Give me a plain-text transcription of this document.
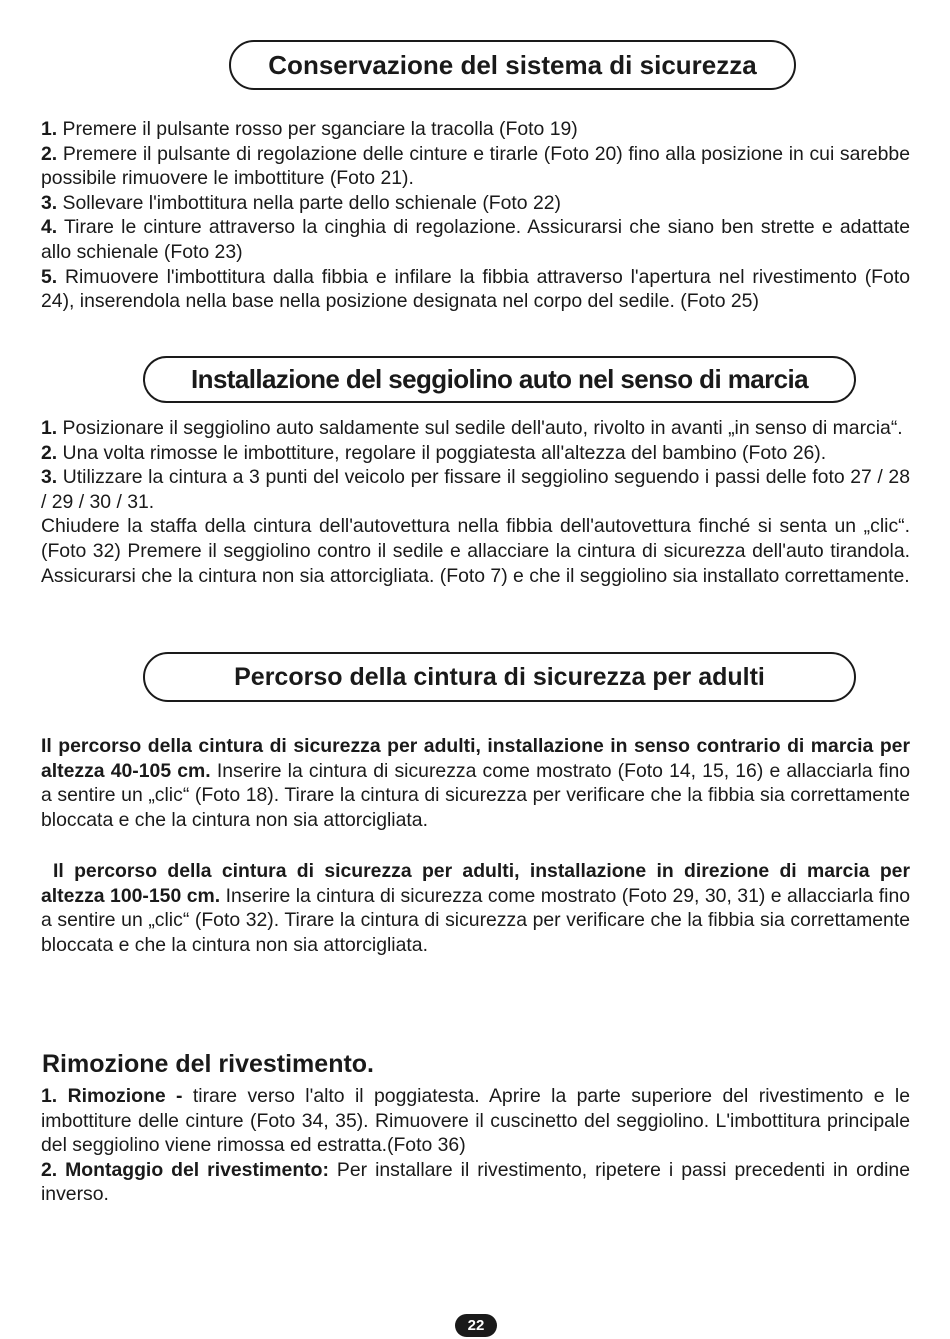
Conservazione del sistema di sicurezza

1. Premere il pulsante rosso per sganciare la tracolla (Foto 19)

2. Premere il pulsante di regolazione delle cinture e tirarle (Foto 20) fino alla posizione in cui sarebbe possibile rimuovere le imbottiture (Foto 21).

3. Sollevare l'imbottitura nella parte dello schienale (Foto 22)

4. Tirare le cinture attraverso la cinghia di regolazione. Assicurarsi che siano ben strette e adattate allo schienale (Foto 23)

5. Rimuovere l'imbottitura dalla fibbia e infilare la fibbia attraverso l'apertura nel rivestimento (Foto 24), inserendola nella base nella posizione designata nel corpo del sedile. (Foto 25)

Installazione del seggiolino auto nel senso di marcia

1. Posizionare il seggiolino auto saldamente sul sedile dell'auto, rivolto in avanti „in senso di marcia“.

2. Una volta rimosse le imbottiture, regolare il poggiatesta all'altezza del bambino (Foto 26).

3. Utilizzare la cintura a 3 punti del veicolo per fissare il seggiolino seguendo i passi delle foto 27 / 28 / 29 / 30 / 31.

Chiudere la staffa della cintura dell'autovettura nella fibbia dell'autovettura finché si senta un „clic“. (Foto 32) Premere il seggiolino contro il sedile e allacciare la cintura di sicurezza dell'auto tirandola. Assicurarsi che la cintura non sia attorcigliata. (Foto 7) e che il seggiolino sia installato correttamente.

Percorso della cintura di sicurezza per adulti

Il percorso della cintura di sicurezza per adulti, installazione in senso contrario di marcia per altezza 40-105 cm. Inserire la cintura di sicurezza come mostrato (Foto 14, 15, 16) e allacciarla fino a sentire un „clic“ (Foto 18). Tirare la cintura di sicurezza per verificare che la fibbia sia correttamente bloccata e che la cintura non sia attorcigliata.

Il percorso della cintura di sicurezza per adulti, installazione in direzione di marcia per altezza 100-150 cm. Inserire la cintura di sicurezza come mostrato (Foto 29, 30, 31) e allacciarla fino a sentire un „clic“ (Foto 32). Tirare la cintura di sicurezza per verificare che la fibbia sia correttamente bloccata e che la cintura non sia attorcigliata.

Rimozione del rivestimento.

1. Rimozione - tirare verso l'alto il poggiatesta. Aprire la parte superiore del rivestimento e le imbottiture delle cinture (Foto 34, 35). Rimuovere il cuscinetto del seggiolino. L'imbottitura principale del seggiolino viene rimossa ed estratta.(Foto 36)

2. Montaggio del rivestimento: Per installare il rivestimento, ripetere i passi precedenti in ordine inverso.

22
